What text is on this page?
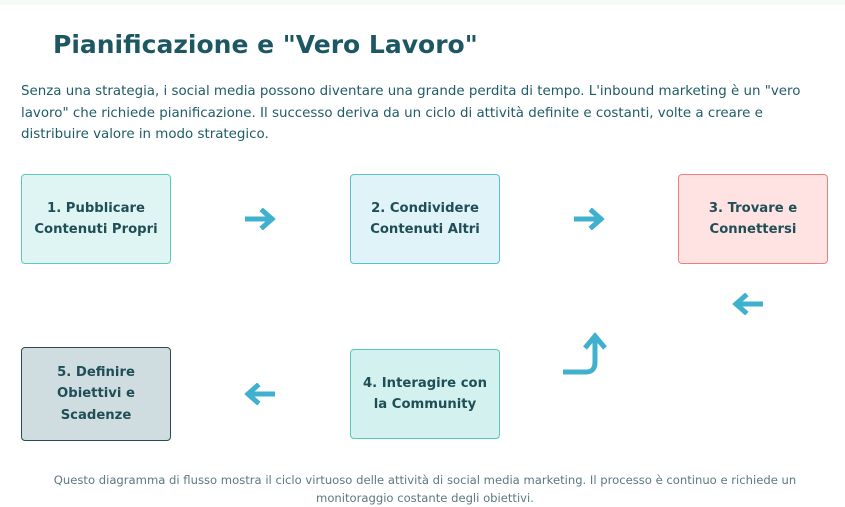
Pianificazione e "Vero Lavoro"
Senza una strategia, i social media possono diventare una grande perdita di tempo. L'inbound marketing è un "vero lavoro" che richiede pianificazione. Il successo deriva da un ciclo di attività definite e costanti, volte a creare e distribuire valore in modo strategico.
1. Pubblicare Contenuti Propri
2. Condividere Contenuti Altri
3. Trovare e Connettersi
4. Interagire con la Community
5. Definire Obiettivi e Scadenze
Questo diagramma di flusso mostra il ciclo virtuoso delle attività di social media marketing. Il processo è continuo e richiede un monitoraggio costante degli obiettivi.
